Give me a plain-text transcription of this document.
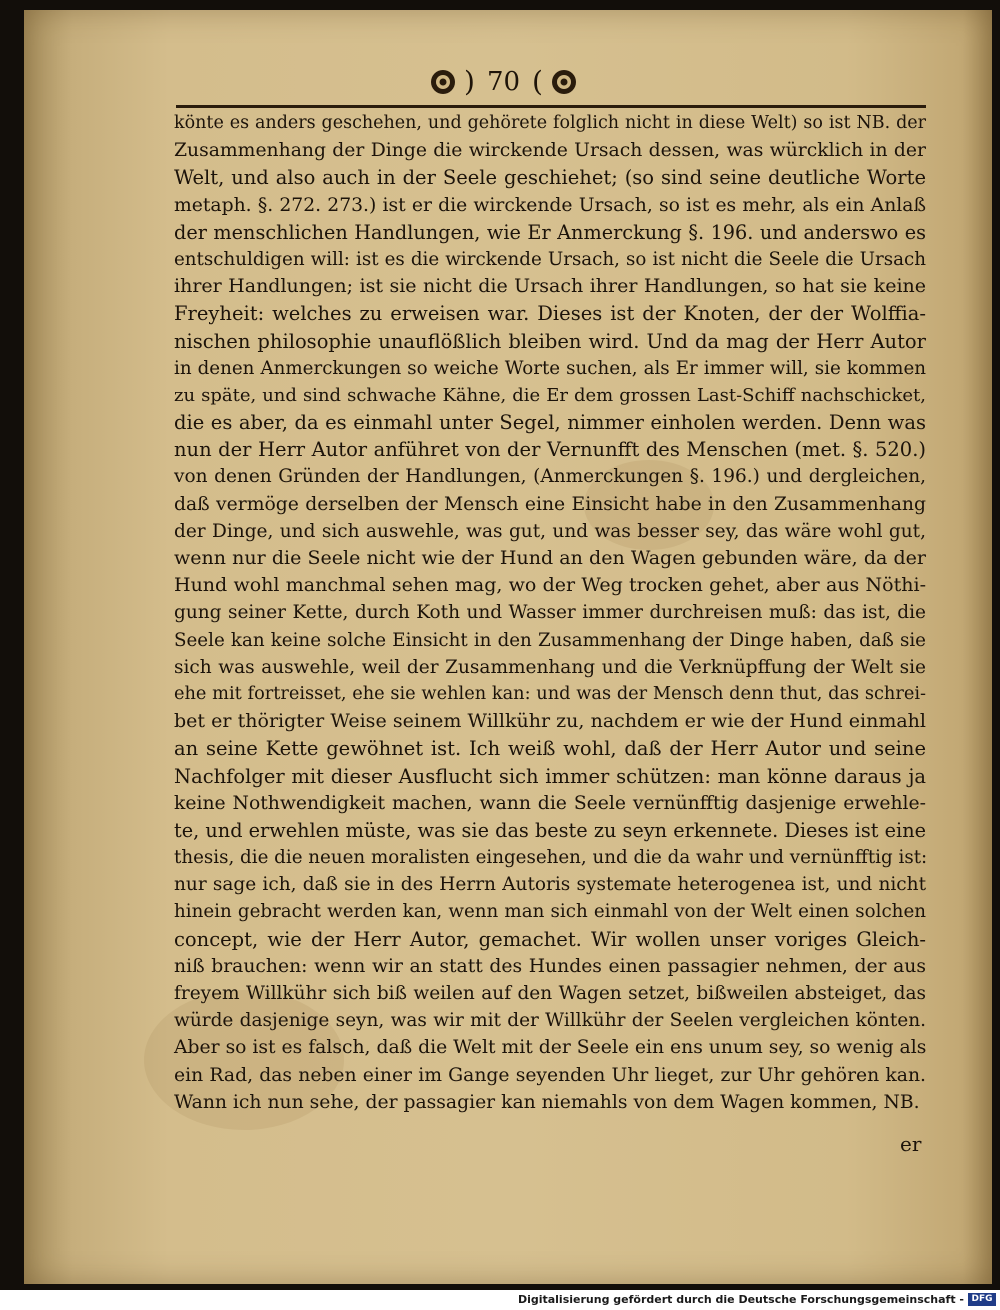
) 70 (
könte es anders geschehen, und gehörete folglich nicht in diese Welt) so ist NB. der
Zusammenhang der Dinge die wirckende Ursach dessen, was würcklich in der
Welt, und also auch in der Seele geschiehet; (so sind seine deutliche Worte
metaph. §. 272. 273.) ist er die wirckende Ursach, so ist es mehr, als ein Anlaß
der menschlichen Handlungen, wie Er Anmerckung §. 196. und anderswo es
entschuldigen will: ist es die wirckende Ursach, so ist nicht die Seele die Ursach
ihrer Handlungen; ist sie nicht die Ursach ihrer Handlungen, so hat sie keine
Freyheit: welches zu erweisen war. Dieses ist der Knoten, der der Wolffia-
nischen philosophie unauflößlich bleiben wird. Und da mag der Herr Autor
in denen Anmerckungen so weiche Worte suchen, als Er immer will, sie kommen
zu späte, und sind schwache Kähne, die Er dem grossen Last-Schiff nachschicket,
die es aber, da es einmahl unter Segel, nimmer einholen werden. Denn was
nun der Herr Autor anführet von der Vernunfft des Menschen (met. §. 520.)
von denen Gründen der Handlungen, (Anmerckungen §. 196.) und dergleichen,
daß vermöge derselben der Mensch eine Einsicht habe in den Zusammenhang
der Dinge, und sich auswehle, was gut, und was besser sey, das wäre wohl gut,
wenn nur die Seele nicht wie der Hund an den Wagen gebunden wäre, da der
Hund wohl manchmal sehen mag, wo der Weg trocken gehet, aber aus Nöthi-
gung seiner Kette, durch Koth und Wasser immer durchreisen muß: das ist, die
Seele kan keine solche Einsicht in den Zusammenhang der Dinge haben, daß sie
sich was auswehle, weil der Zusammenhang und die Verknüpffung der Welt sie
ehe mit fortreisset, ehe sie wehlen kan: und was der Mensch denn thut, das schrei-
bet er thörigter Weise seinem Willkühr zu, nachdem er wie der Hund einmahl
an seine Kette gewöhnet ist. Ich weiß wohl, daß der Herr Autor und seine
Nachfolger mit dieser Ausflucht sich immer schützen: man könne daraus ja
keine Nothwendigkeit machen, wann die Seele vernünfftig dasjenige erwehle-
te, und erwehlen müste, was sie das beste zu seyn erkennete. Dieses ist eine
thesis, die die neuen moralisten eingesehen, und die da wahr und vernünfftig ist:
nur sage ich, daß sie in des Herrn Autoris systemate heterogenea ist, und nicht
hinein gebracht werden kan, wenn man sich einmahl von der Welt einen solchen
concept, wie der Herr Autor, gemachet. Wir wollen unser voriges Gleich-
niß brauchen: wenn wir an statt des Hundes einen passagier nehmen, der aus
freyem Willkühr sich biß weilen auf den Wagen setzet, bißweilen absteiget, das
würde dasjenige seyn, was wir mit der Willkühr der Seelen vergleichen könten.
Aber so ist es falsch, daß die Welt mit der Seele ein ens unum sey, so wenig als
ein Rad, das neben einer im Gange seyenden Uhr lieget, zur Uhr gehören kan.
Wann ich nun sehe, der passagier kan niemahls von dem Wagen kommen, NB.
er
Digitalisierung gefördert durch die Deutsche Forschungsgemeinschaft - DFG
